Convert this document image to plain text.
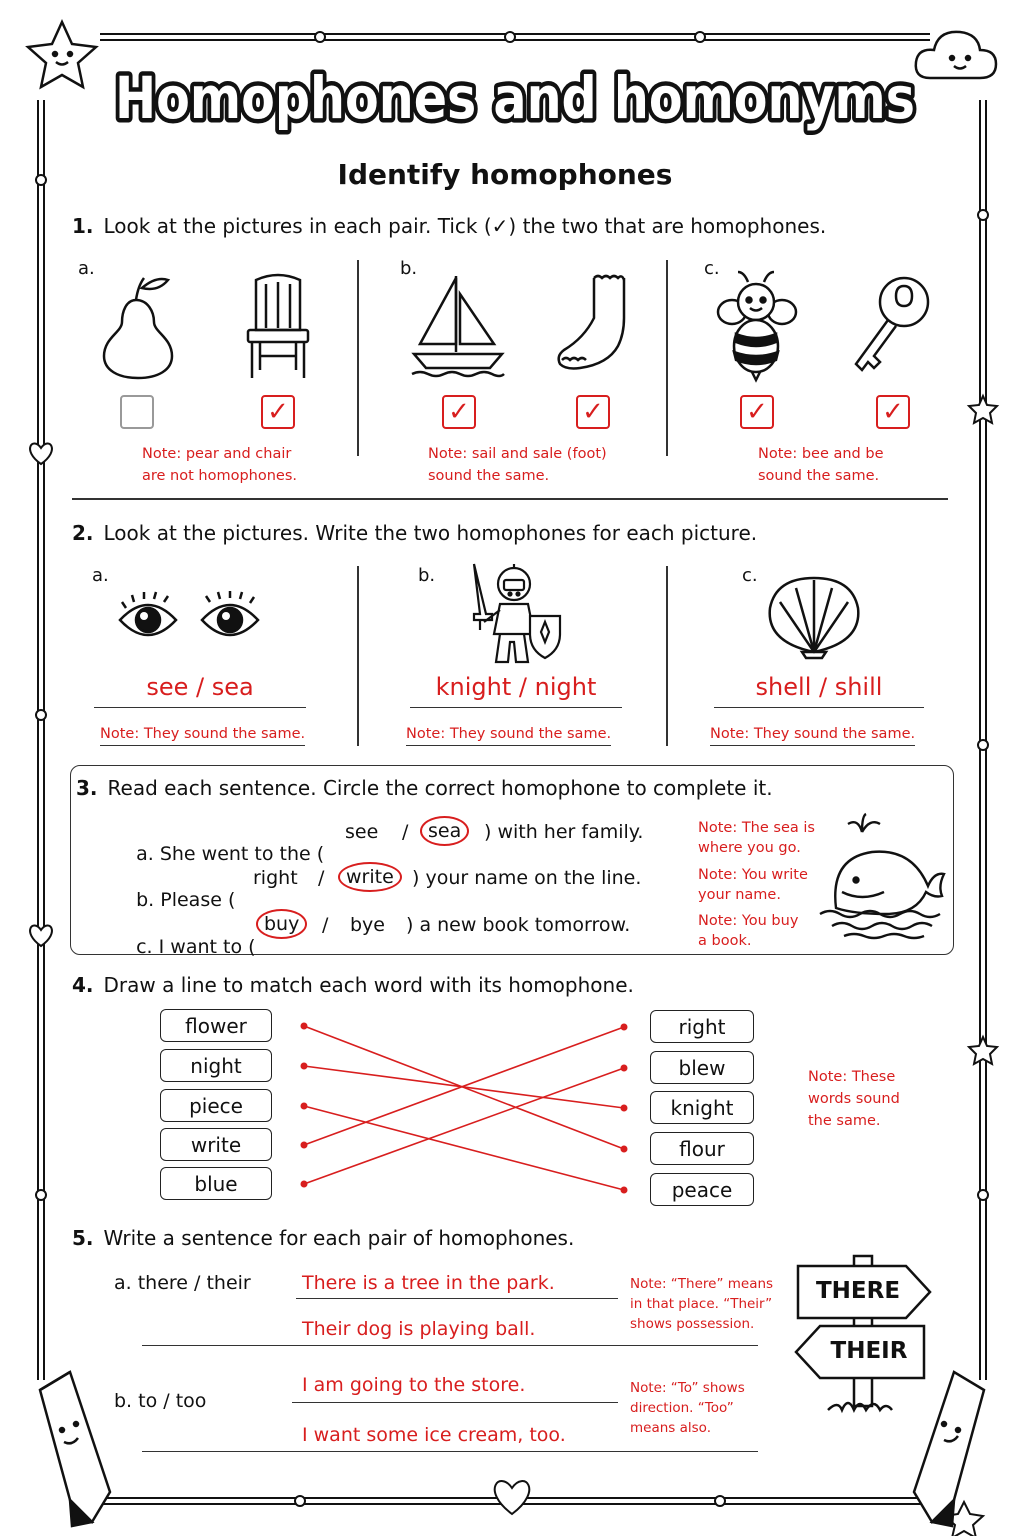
Homophones and homonyms
Identify homophones
1. Look at the pictures in each pair. Tick (✓) the two that are homophones.
a.	b.	c.
✓	✓	✓	✓	✓
Note: pear and chair
are not homophones.
Note: sail and sale (foot)
sound the same.
Note: bee and be
sound the same.
2. Look at the pictures. Write the two homophones for each picture.
a.	b.	c.
see / sea	knight / night	shell / shill
Note: They sound the same.	Note: They sound the same.	Note: They sound the same.
3. Read each sentence. Circle the correct homophone to complete it.

a. She went to the (

see /	sea	) with her family.	Note: The sea is
where you go.

b. Please (

right /	write ) your name on the line.	Note: You write
your name.

c. I want to (

buy	/ bye ) a new book tomorrow.	Note: You buy
a book.
4. Draw a line to match each word with its homophone.
flower
night
piece
write
blue
right
blew
knight
flour
peace
Note: These
words sound
the same.
5. Write a sentence for each pair of homophones.
a. there / their	There is a tree in the park.
Their dog is playing ball.
Note: “There” means
in that place. “Their”
shows possession.
b. to / too
I am going to the store.
I want some ice cream, too.
Note: “To” shows
direction. “Too”
means also.
THERE
THEIR
